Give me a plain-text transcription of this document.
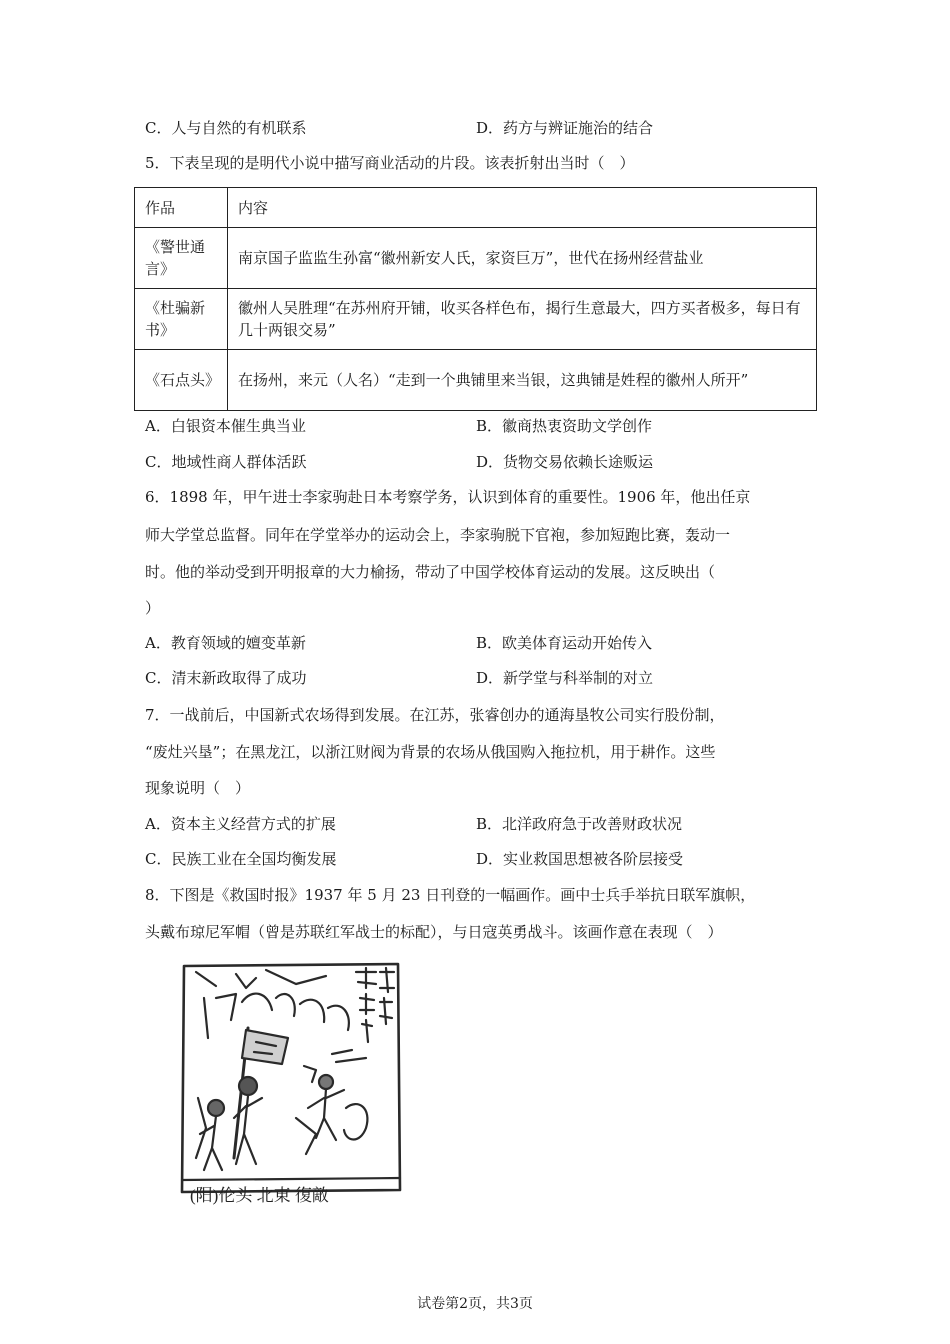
C．人与自然的有机联系	D．药方与辨证施治的结合
5．下表呈现的是明代小说中描写商业活动的片段。该表折射出当时（　）
作品	内容
《警世通言》	南京国子监监生孙富“徽州新安人氏，家资巨万”，世代在扬州经营盐业
《杜骗新书》	徽州人吴胜理“在苏州府开铺，收买各样色布，揭行生意最大，四方买者极多，每日有几十两银交易”
《石点头》	在扬州，来元（人名）“走到一个典铺里来当银，这典铺是姓程的徽州人所开”
A．白银资本催生典当业	B．徽商热衷资助文学创作
C．地域性商人群体活跃	D．货物交易依赖长途贩运
6．1898 年，甲午进士李家驹赴日本考察学务，认识到体育的重要性。1906 年，他出任京
师大学堂总监督。同年在学堂举办的运动会上，李家驹脱下官袍，参加短跑比赛，轰动一
时。他的举动受到开明报章的大力榆扬，带动了中国学校体育运动的发展。这反映出（
）
A．教育领域的嬗变革新	B．欧美体育运动开始传入
C．清末新政取得了成功	D．新学堂与科举制的对立
7．一战前后，中国新式农场得到发展。在江苏，张睿创办的通海垦牧公司实行股份制，
“废灶兴垦”；在黑龙江，以浙江财阀为背景的农场从俄国购入拖拉机，用于耕作。这些
现象说明（　）
A．资本主义经营方式的扩展	B．北洋政府急于改善财政状况
C．民族工业在全国均衡发展	D．实业救国思想被各阶层接受
8．下图是《救国时报》1937 年 5 月 23 日刊登的一幅画作。画中士兵手举抗日联军旗帜，
头戴布琼尼军帽（曾是苏联红军战士的标配），与日寇英勇战斗。该画作意在表现（　）
(阳)伦头 北東 復敵
试卷第2页，共3页
